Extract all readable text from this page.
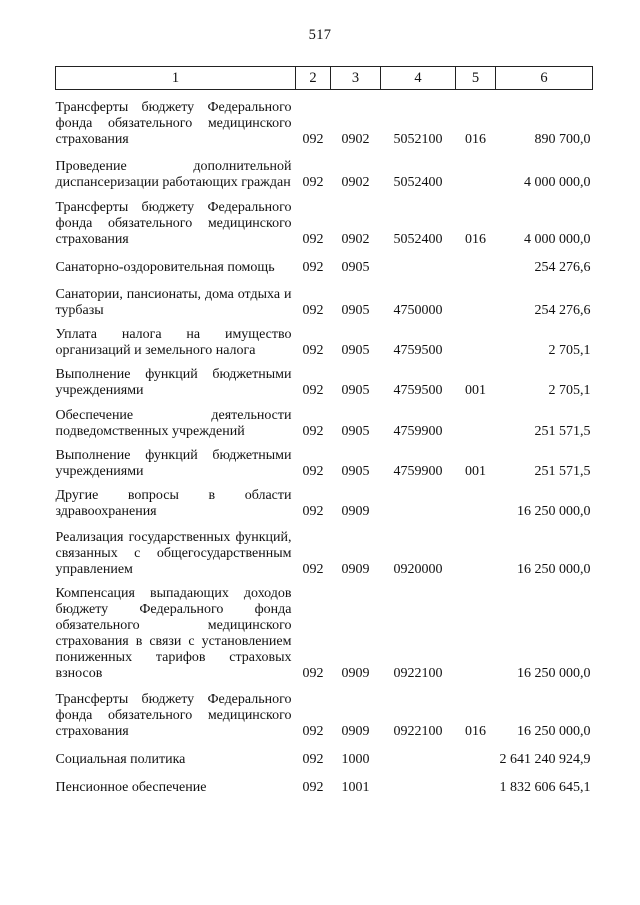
517
1	2	3	4	5	6
Трансферты бюджету Федерального фонда обязательного медицинского страхования	092	0902	5052100	016	890 700,0
Проведение дополнительной диспансеризации работающих граждан	092	0902	5052400		4 000 000,0
Трансферты бюджету Федерального фонда обязательного медицинского страхования	092	0902	5052400	016	4 000 000,0
Санаторно-оздоровительная помощь	092	0905			254 276,6
Санатории, пансионаты, дома отдыха и турбазы	092	0905	4750000		254 276,6
Уплата налога на имущество организаций и земельного налога	092	0905	4759500		2 705,1
Выполнение функций бюджетными учреждениями	092	0905	4759500	001	2 705,1
Обеспечение деятельности подведомственных учреждений	092	0905	4759900		251 571,5
Выполнение функций бюджетными учреждениями	092	0905	4759900	001	251 571,5
Другие вопросы в области здравоохранения	092	0909			16 250 000,0
Реализация государственных функций, связанных с общегосударственным управлением	092	0909	0920000		16 250 000,0
Компенсация выпадающих доходов бюджету Федерального фонда обязательного медицинского страхования в связи с установлением пониженных тарифов страховых взносов	092	0909	0922100		16 250 000,0
Трансферты бюджету Федерального фонда обязательного медицинского страхования	092	0909	0922100	016	16 250 000,0
Социальная политика	092	1000			2 641 240 924,9
Пенсионное обеспечение	092	1001			1 832 606 645,1
